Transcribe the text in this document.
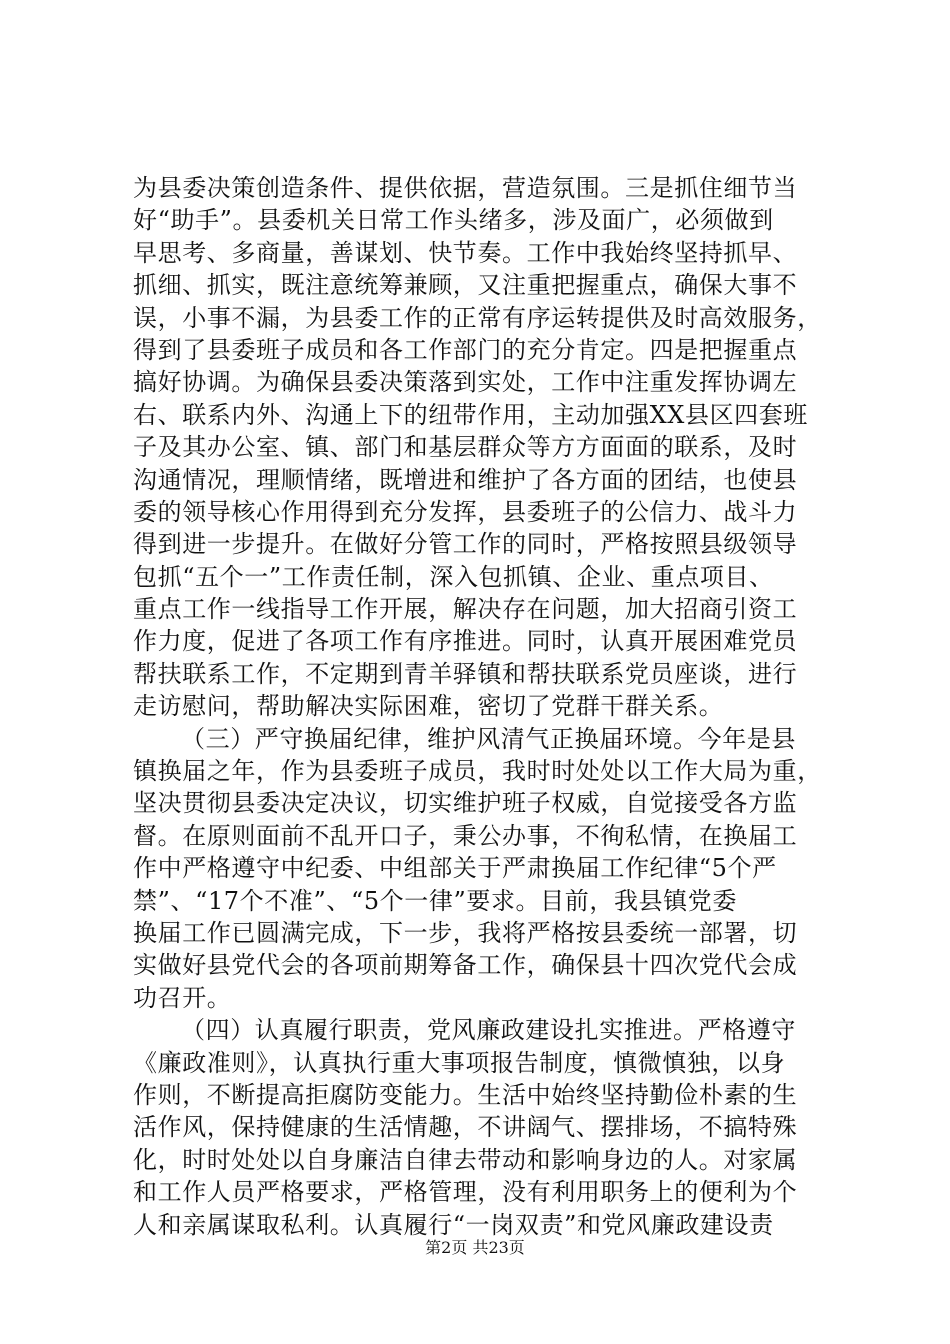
为县委决策创造条件、提供依据，营造氛围。三是抓住细节当
好“助手”。县委机关日常工作头绪多，涉及面广，必须做到
早思考、多商量，善谋划、快节奏。工作中我始终坚持抓早、
抓细、抓实，既注意统筹兼顾，又注重把握重点，确保大事不
误，小事不漏，为县委工作的正常有序运转提供及时高效服务，
得到了县委班子成员和各工作部门的充分肯定。四是把握重点
搞好协调。为确保县委决策落到实处，工作中注重发挥协调左
右、联系内外、沟通上下的纽带作用，主动加强XX县区四套班
子及其办公室、镇、部门和基层群众等方方面面的联系，及时
沟通情况，理顺情绪，既增进和维护了各方面的团结，也使县
委的领导核心作用得到充分发挥，县委班子的公信力、战斗力
得到进一步提升。在做好分管工作的同时，严格按照县级领导
包抓“五个一”工作责任制，深入包抓镇、企业、重点项目、
重点工作一线指导工作开展，解决存在问题，加大招商引资工
作力度，促进了各项工作有序推进。同时，认真开展困难党员
帮扶联系工作，不定期到青羊驿镇和帮扶联系党员座谈，进行
走访慰问，帮助解决实际困难，密切了党群干群关系。
（三）严守换届纪律，维护风清气正换届环境。今年是县
镇换届之年，作为县委班子成员，我时时处处以工作大局为重，
坚决贯彻县委决定决议，切实维护班子权威，自觉接受各方监
督。在原则面前不乱开口子，秉公办事，不徇私情，在换届工
作中严格遵守中纪委、中组部关于严肃换届工作纪律“5个严
禁”、“17个不准”、“5个一律”要求。目前，我县镇党委
换届工作已圆满完成，下一步，我将严格按县委统一部署，切
实做好县党代会的各项前期筹备工作，确保县十四次党代会成
功召开。
（四）认真履行职责，党风廉政建设扎实推进。严格遵守
《廉政准则》，认真执行重大事项报告制度，慎微慎独，以身
作则，不断提高拒腐防变能力。生活中始终坚持勤俭朴素的生
活作风，保持健康的生活情趣，不讲阔气、摆排场，不搞特殊
化，时时处处以自身廉洁自律去带动和影响身边的人。对家属
和工作人员严格要求，严格管理，没有利用职务上的便利为个
人和亲属谋取私利。认真履行“一岗双责”和党风廉政建设责
第2页 共23页
